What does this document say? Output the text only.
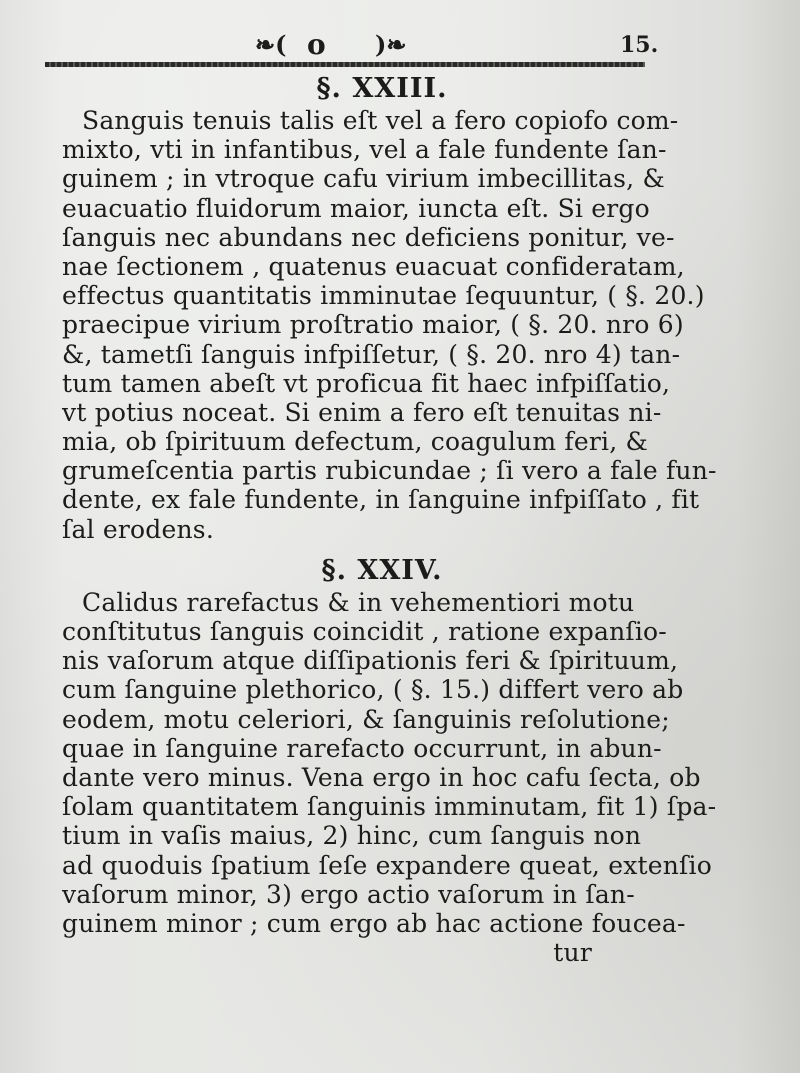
❧( o )❧	15.
§. XXIII.
Sanguis tenuis talis eſt vel a fero copiofo com-
mixto, vti in infantibus, vel a fale fundente ſan-
guinem ; in vtroque cafu virium imbecillitas, &
euacuatio fluidorum maior, iuncta eſt. Si ergo
ſanguis nec abundans nec deficiens ponitur, ve-
nae ſectionem , quatenus euacuat confideratam,
effectus quantitatis imminutae ſequuntur, ( §. 20.)
praecipue virium proſtratio maior, ( §. 20. nro 6)
&, tametſi ſanguis infpiſſetur, ( §. 20. nro 4) tan-
tum tamen abeſt vt proficua fit haec infpiſſatio,
vt potius noceat. Si enim a fero eſt tenuitas ni-
mia, ob ſpirituum defectum, coagulum feri, &
grumeſcentia partis rubicundae ; ſi vero a fale fun-
dente, ex fale fundente, in ſanguine infpiſſato , fit
ſal erodens.
§. XXIV.
Calidus rarefactus & in vehementiori motu
conſtitutus ſanguis coincidit , ratione expanſio-
nis vaſorum atque diſſipationis feri & ſpirituum,
cum ſanguine plethorico, ( §. 15.) differt vero ab
eodem, motu celeriori, & ſanguinis reſolutione;
quae in ſanguine rarefacto occurrunt, in abun-
dante vero minus. Vena ergo in hoc cafu ſecta, ob
ſolam quantitatem ſanguinis imminutam, fit 1) ſpa-
tium in vaſis maius, 2) hinc, cum ſanguis non
ad quoduis ſpatium ſeſe expandere queat, extenſio
vaſorum minor, 3) ergo actio vaſorum in ſan-
guinem minor ; cum ergo ab hac actione foucea-
tur
